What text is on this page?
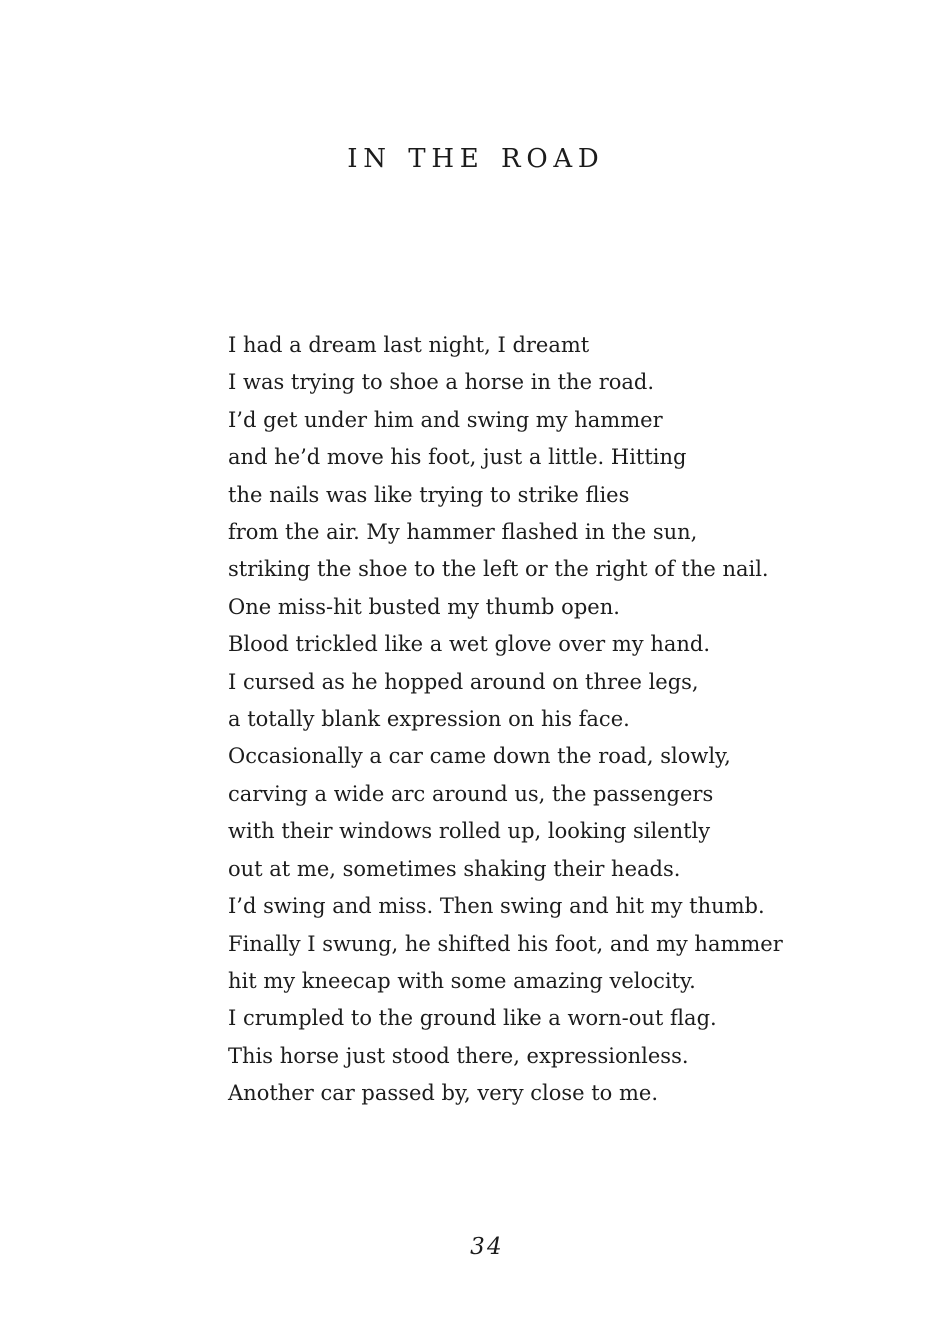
IN THE ROAD
I had a dream last night, I dreamt
I was trying to shoe a horse in the road.
I’d get under him and swing my hammer
and he’d move his foot, just a little. Hitting
the nails was like trying to strike flies
from the air. My hammer flashed in the sun,
striking the shoe to the left or the right of the nail.
One miss-hit busted my thumb open.
Blood trickled like a wet glove over my hand.
I cursed as he hopped around on three legs,
a totally blank expression on his face.
Occasionally a car came down the road, slowly,
carving a wide arc around us, the passengers
with their windows rolled up, looking silently
out at me, sometimes shaking their heads.
I’d swing and miss. Then swing and hit my thumb.
Finally I swung, he shifted his foot, and my hammer
hit my kneecap with some amazing velocity.
I crumpled to the ground like a worn-out flag.
This horse just stood there, expressionless.
Another car passed by, very close to me.
34
